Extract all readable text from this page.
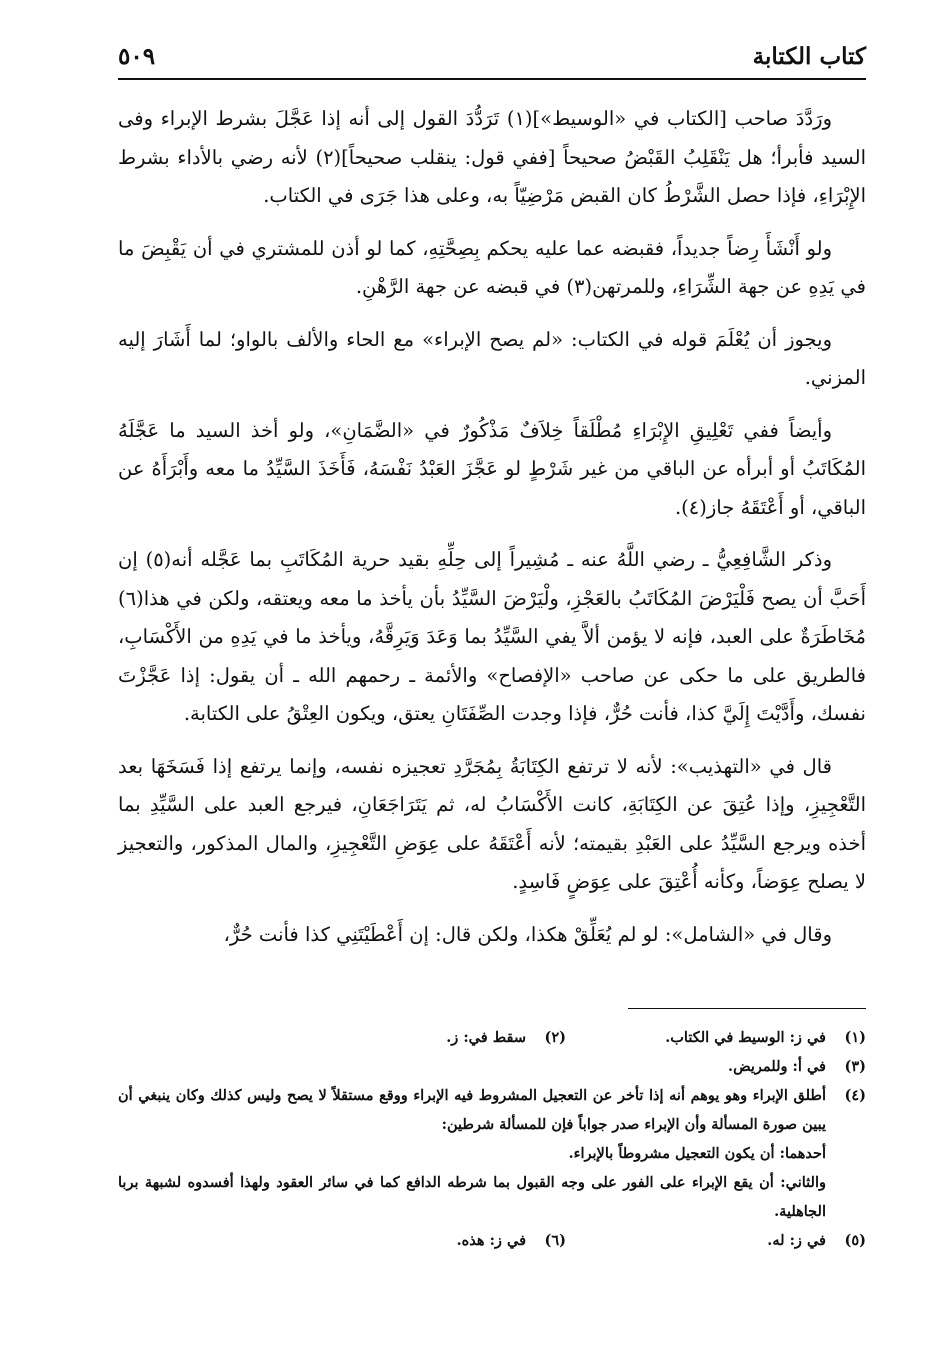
كتاب الكتابة
٥٠٩

ورَدَّدَ صاحب [الكتاب في «الوسيط»](١) تَرَدُّدَ القول إلى أنه إذا عَجَّلَ بشرط الإبراء وفى السيد فأبرأ؛ هل يَنْقَلِبُ القَبْضُ صحيحاً [ففي قول: ينقلب صحيحاً](٢) لأنه رضي بالأداء بشرط الإِبْرَاءِ، فإذا حصل الشَّرْطُ كان القبض مَرْضِيّاً به، وعلى هذا جَرَى في الكتاب.

ولو أَنْشَأَ رِضاً جديداً، فقبضه عما عليه يحكم بِصِحَّتِهِ، كما لو أذن للمشتري في أن يَقْبِضَ ما في يَدِهِ عن جهة الشِّرَاءِ، وللمرتهن(٣) في قبضه عن جهة الرَّهْنِ.

ويجوز أن يُعْلَمَ قوله في الكتاب: «لم يصح الإبراء» مع الحاء والألف بالواو؛ لما أَشَارَ إليه المزني.

وأيضاً ففي تَعْلِيقِ الإِبْرَاءِ مُطْلَقاً خِلاَفٌ مَذْكُورٌ في «الضَّمَانِ»، ولو أخذ السيد ما عَجَّلَهُ المُكَاتَبُ أو أبرأه عن الباقي من غير شَرْطٍ لو عَجَّزَ العَبْدُ نَفْسَهُ، فَأَخَذَ السَّيِّدُ ما معه وأَبْرَأَهُ عن الباقي، أو أَعْتَقَهُ جاز(٤).

وذكر الشَّافِعِيُّ ـ رضي اللَّهُ عنه ـ مُشِيراً إلى حِلِّهِ بقيد حرية المُكَاتَبِ بما عَجَّله أنه(٥) إن أَحَبَّ أن يصح فَلْيَرْضَ المُكَاتَبُ بالعَجْزِ، ولْيَرْضَ السَّيِّدُ بأن يأخذ ما معه ويعتقه، ولكن في هذا(٦) مُخَاطَرَةٌ على العبد، فإنه لا يؤمن ألاَّ يفي السَّيِّدُ بما وَعَدَ وَيَرِقَّهُ، ويأخذ ما في يَدِهِ من الأَكْسَابِ، فالطريق على ما حكى عن صاحب «الإفصاح» والأئمة ـ رحمهم الله ـ أن يقول: إذا عَجَّزْتَ نفسك، وأَدَّيْتَ إِلَيَّ كذا، فأنت حُرٌّ، فإذا وجدت الصِّفَتَانِ يعتق، ويكون العِتْقُ على الكتابة.

قال في «التهذيب»: لأنه لا ترتفع الكِتَابَةُ بِمُجَرَّدِ تعجيزه نفسه، وإنما يرتفع إذا فَسَخَهَا بعد التَّعْجِيزِ، وإذا عُتِقَ عن الكِتَابَةِ، كانت الأَكْسَابُ له، ثم يَتَرَاجَعَانِ، فيرجع العبد على السَّيِّدِ بما أخذه ويرجع السَّيِّدُ على العَبْدِ بقيمته؛ لأنه أَعْتَقَهُ على عِوَضِ التَّعْجِيزِ، والمال المذكور، والتعجيز لا يصلح عِوَضاً، وكأنه أُعْتِقَ على عِوَضٍ فَاسِدٍ.

وقال في «الشامل»: لو لم يُعَلِّقْ هكذا، ولكن قال: إن أَعْطَيْتَنِي كذا فأنت حُرٌّ،

(١)
في ز: الوسيط في الكتاب.
(٢)
سقط في: ز.
(٣)
في أ: وللمريض.
(٤)
أطلق الإبراء وهو يوهم أنه إذا تأخر عن التعجيل المشروط فيه الإبراء ووقع مستقلاً لا يصح وليس كذلك وكان ينبغي أن يبين صورة المسألة وأن الإبراء صدر جواباً فإن للمسألة شرطين:
أحدهما: أن يكون التعجيل مشروطاً بالإبراء.
والثاني: أن يقع الإبراء على الفور على وجه القبول بما شرطه الدافع كما في سائر العقود ولهذا أفسدوه لشبهة بربا الجاهلية.
(٥)
في ز: له.
(٦)
في ز: هذه.
